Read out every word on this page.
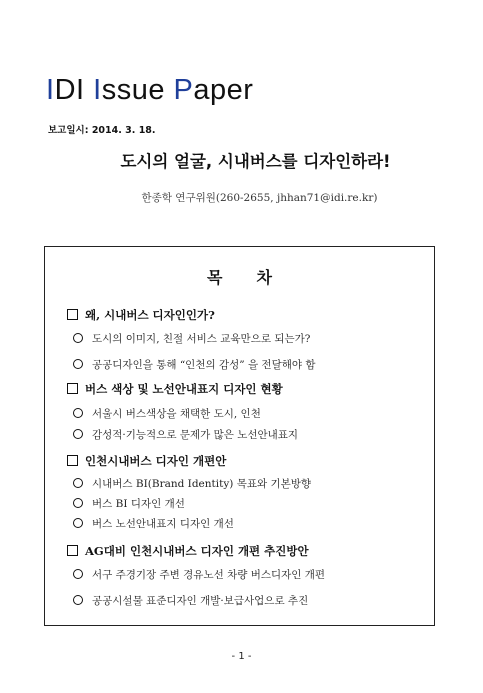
IDI Issue Paper
보고일시: 2014. 3. 18.
도시의 얼굴, 시내버스를 디자인하라!
한종학 연구위원(260-2655, jhhan71@idi.re.kr)
목 차
왜, 시내버스 디자인인가?
도시의 이미지, 친절 서비스 교육만으로 되는가?
공공디자인을 통해 “인천의 감성” 을 전달해야 함
버스 색상 및 노선안내표지 디자인 현황
서울시 버스색상을 채택한 도시, 인천
감성적·기능적으로 문제가 많은 노선안내표지
인천시내버스 디자인 개편안
시내버스 BI(Brand Identity) 목표와 기본방향
버스 BI 디자인 개선
버스 노선안내표지 디자인 개선
AG대비 인천시내버스 디자인 개편 추진방안
서구 주경기장 주변 경유노선 차량 버스디자인 개편
공공시설물 표준디자인 개발·보급사업으로 추진
- 1 -
